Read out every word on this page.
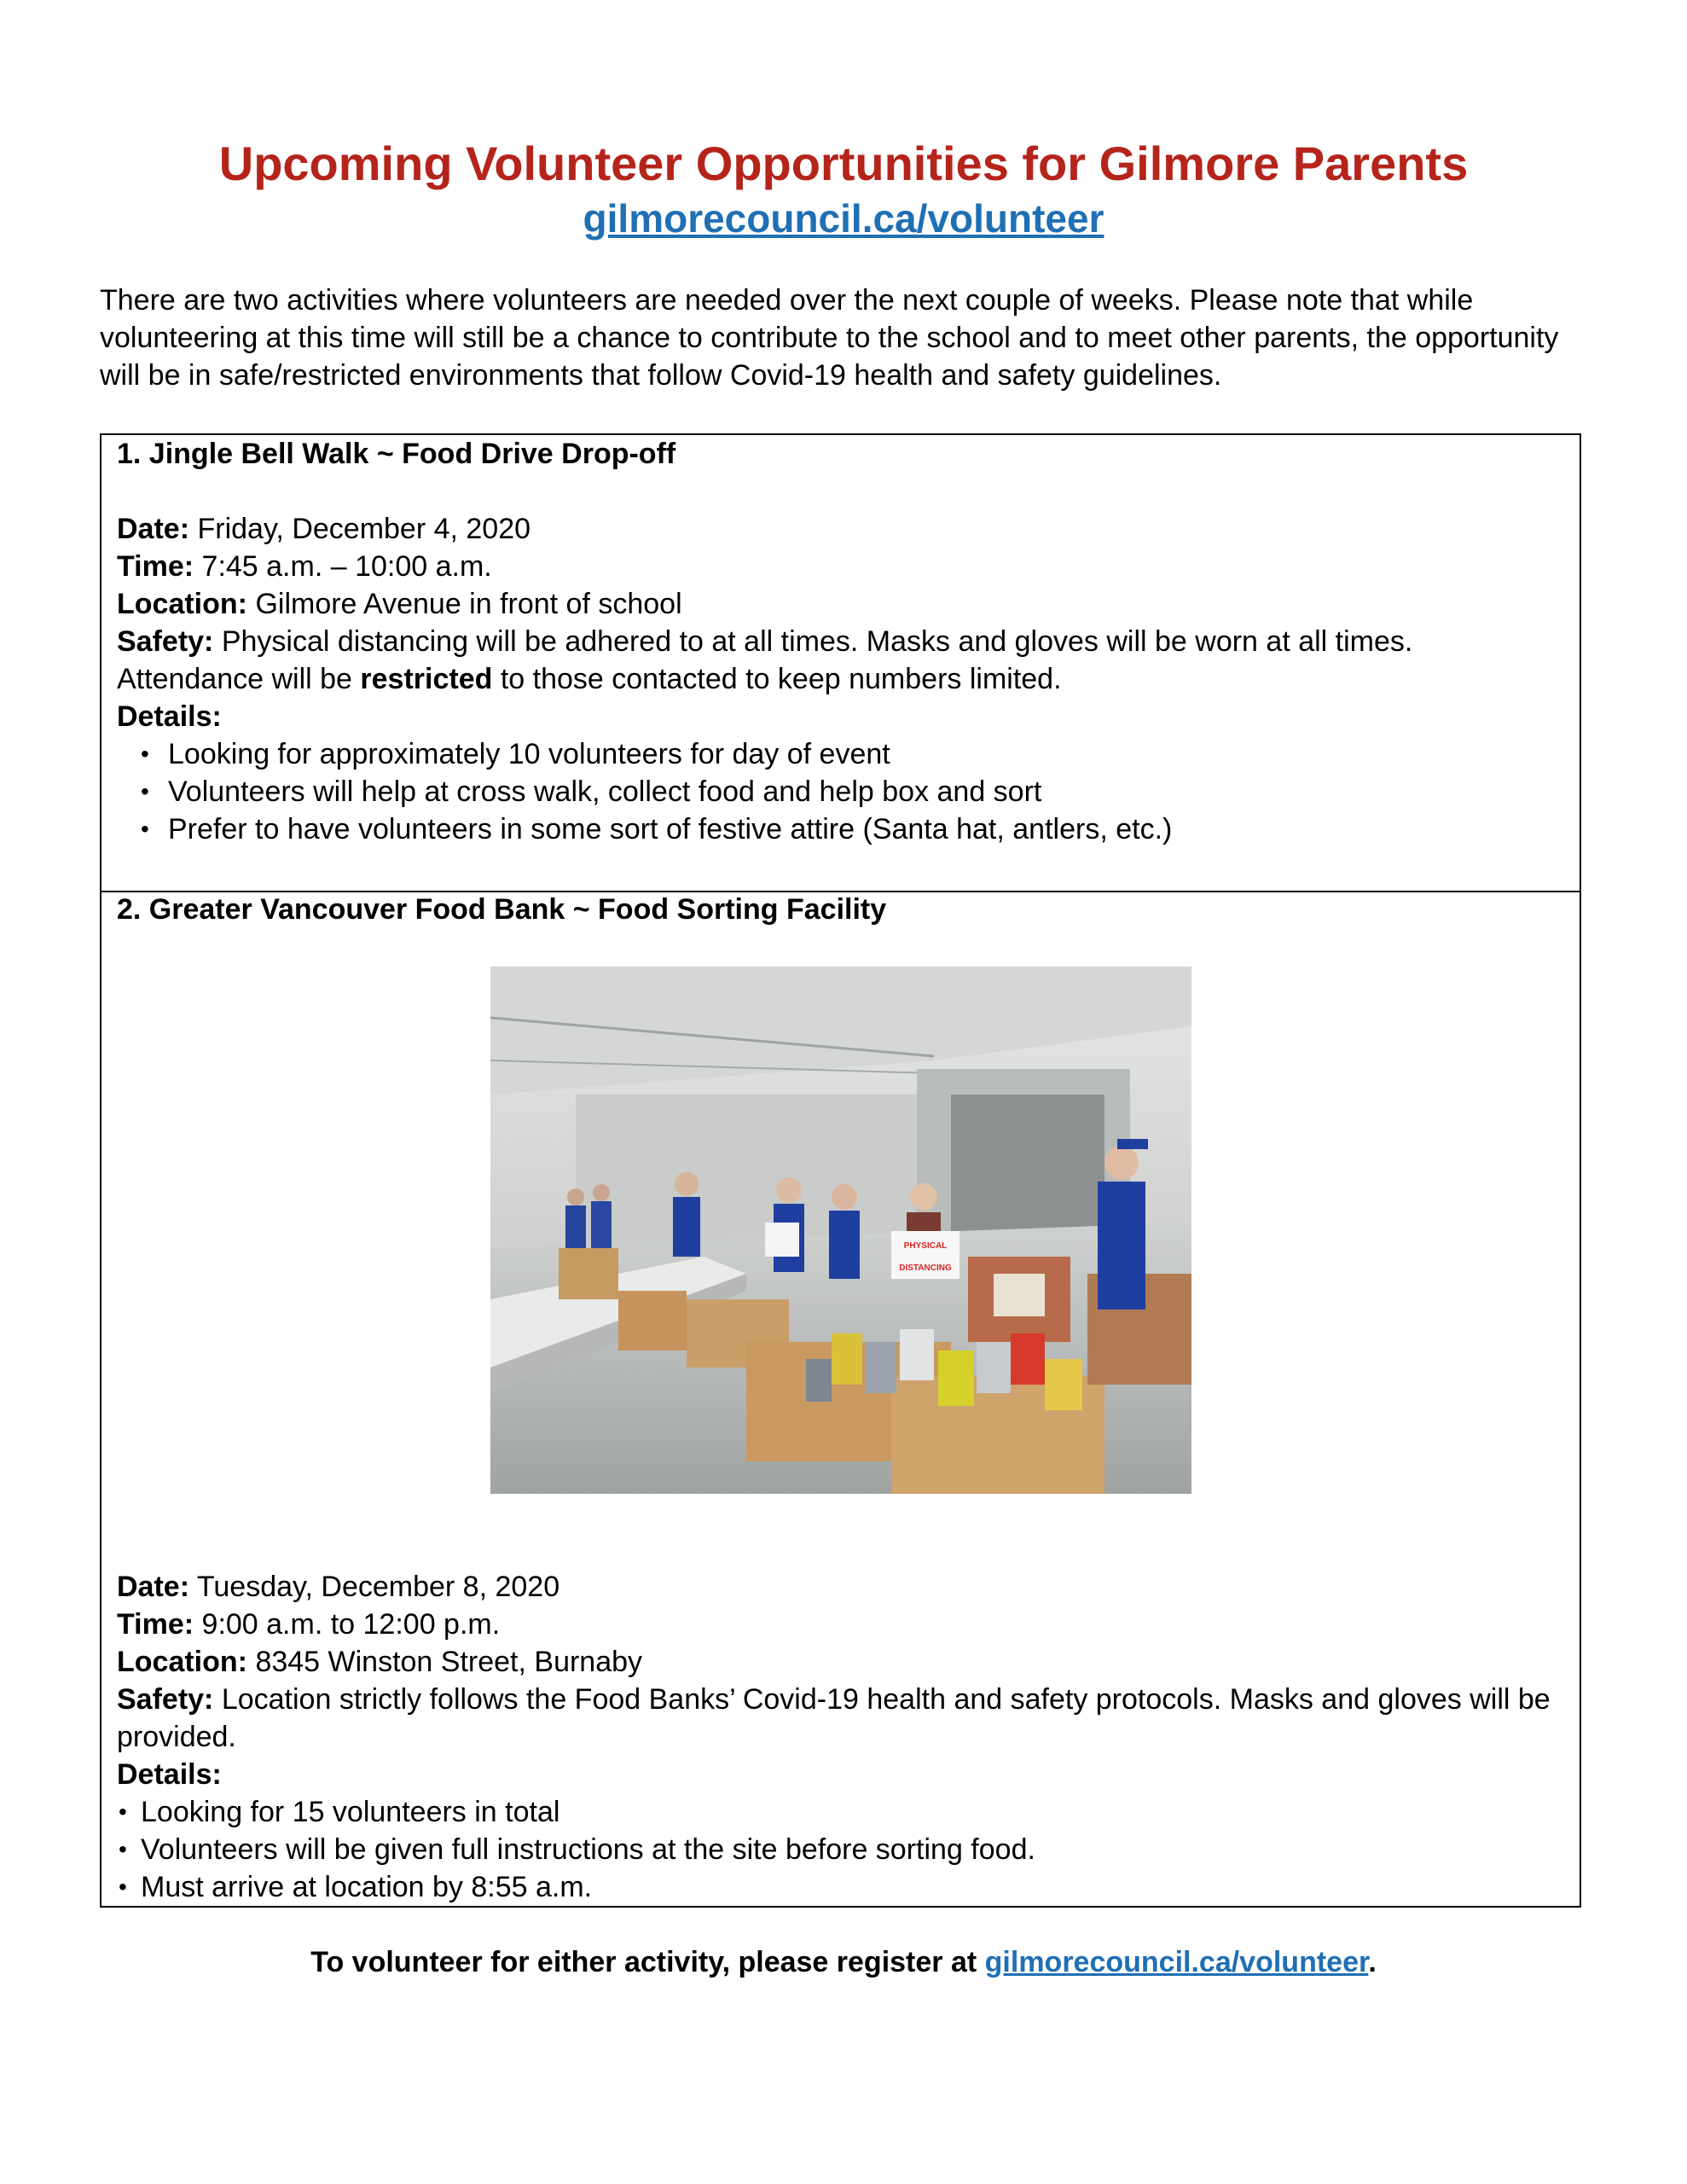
Upcoming Volunteer Opportunities for Gilmore Parents
gilmorecouncil.ca/volunteer

There are two activities where volunteers are needed over the next couple of weeks. Please note that while volunteering at this time will still be a chance to contribute to the school and to meet other parents, the opportunity will be in safe/restricted environments that follow Covid-19 health and safety guidelines.

1. Jingle Bell Walk ~ Food Drive Drop-off
Date: Friday, December 4, 2020
Time: 7:45 a.m. – 10:00 a.m.
Location: Gilmore Avenue in front of school
Safety: Physical distancing will be adhered to at all times. Masks and gloves will be worn at all times. Attendance will be restricted to those contacted to keep numbers limited.
Details:
• Looking for approximately 10 volunteers for day of event
• Volunteers will help at cross walk, collect food and help box and sort
• Prefer to have volunteers in some sort of festive attire (Santa hat, antlers, etc.)
2. Greater Vancouver Food Bank ~ Food Sorting Facility
PHYSICAL
DISTANCING
Date: Tuesday, December 8, 2020
Time: 9:00 a.m. to 12:00 p.m.
Location: 8345 Winston Street, Burnaby
Safety: Location strictly follows the Food Banks’ Covid-19 health and safety protocols. Masks and gloves will be provided.
Details:
• Looking for 15 volunteers in total
• Volunteers will be given full instructions at the site before sorting food.
• Must arrive at location by 8:55 a.m.
To volunteer for either activity, please register at gilmorecouncil.ca/volunteer.
